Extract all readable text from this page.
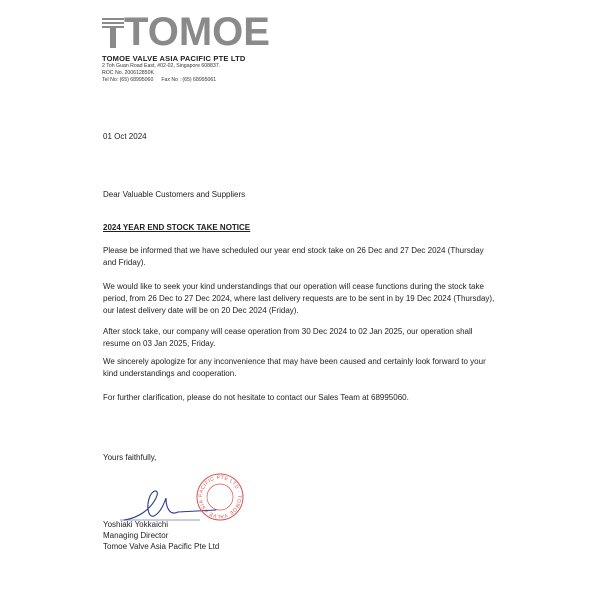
TOMOE
TOMOE VALVE ASIA PACIFIC PTE LTD
2 Toh Guan Road East, #02-02, Singapore 608837.
ROC No. 200612850K
Tel No: (65) 68995060 Fax No : (65) 68995061
01 Oct 2024
Dear Valuable Customers and Suppliers
2024 YEAR END STOCK TAKE NOTICE
Please be informed that we have scheduled our year end stock take on 26 Dec and 27 Dec 2024 (Thursday and Friday).
We would like to seek your kind understandings that our operation will cease functions during the stock take period, from 26 Dec to 27 Dec 2024, where last delivery requests are to be sent in by 19 Dec 2024 (Thursday), our latest delivery date will be on 20 Dec 2024 (Friday).
After stock take, our company will cease operation from 30 Dec 2024 to 02 Jan 2025, our operation shall resume on 03 Jan 2025, Friday.
We sincerely apologize for any inconvenience that may have been caused and certainly look forward to your kind understandings and cooperation.
For further clarification, please do not hesitate to contact our Sales Team at 68995060.
Yours faithfully,
PACIFIC PTE LTD · TOMOE VALVE ASIA
Yoshiaki Yokkaichi
Managing Director
Tomoe Valve Asia Pacific Pte Ltd
